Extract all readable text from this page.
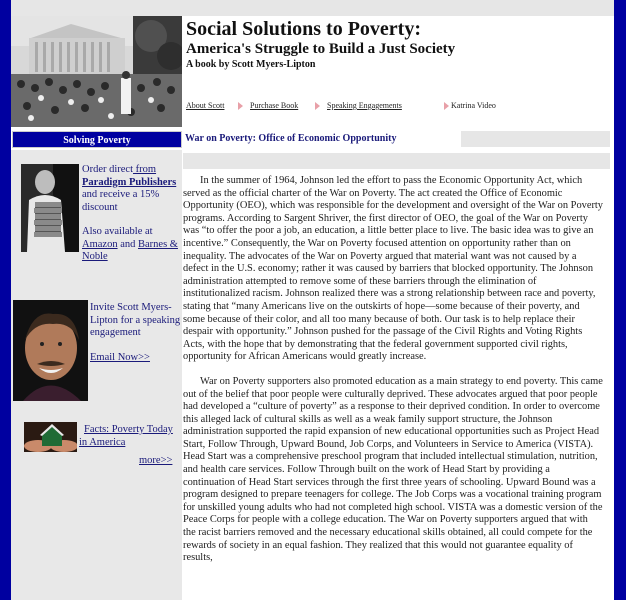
Social Solutions to Poverty:

America's Struggle to Build a Just Society

A book by Scott Myers-Lipton

About Scott	Purchase Book	Speaking Engagements	Katrina Video
Solving Poverty	War on Poverty: Office of Economic Opportunity
Order direct from
Paradigm Publishers
and receive a 15% discount
Also available at
Amazon and Barnes & Noble
Invite Scott Myers-Lipton for a speaking engagement
Email Now>>
Facts: Poverty Today in America
more>>

In the summer of 1964, Johnson led the effort to pass the Economic Opportunity Act, which served as the official charter of the War on Poverty. The act created the Office of Economic Opportunity (OEO), which was responsible for the development and oversight of the War on Poverty programs. According to Sargent Shriver, the first director of OEO, the goal of the War on Poverty was “to offer the poor a job, an education, a little better place to live. The basic idea was to give an incentive.” Consequently, the War on Poverty focused attention on opportunity rather than on inequality. The advocates of the War on Poverty argued that material want was not caused by a defect in the U.S. economy; rather it was caused by barriers that blocked opportunity. The Johnson administration attempted to remove some of these barriers through the elimination of institutionalized racism. Johnson realized there was a strong relationship between race and poverty, stating that “many Americans live on the outskirts of hope—some because of their poverty, and some because of their color, and all too many because of both. Our task is to help replace their despair with opportunity.” Johnson pushed for the passage of the Civil Rights and Voting Rights Acts, with the hope that by demonstrating that the federal government supported civil rights, opportunity for African Americans would greatly increase.

War on Poverty supporters also promoted education as a main strategy to end poverty. This came out of the belief that poor people were culturally deprived. These advocates argued that poor people had developed a “culture of poverty” as a response to their deprived condition. In order to overcome this alleged lack of cultural skills as well as a weak family support structure, the Johnson administration supported the rapid expansion of new educational opportunities such as Project Head Start, Follow Through, Upward Bound, Job Corps, and Volunteers in Service to America (VISTA). Head Start was a comprehensive preschool program that included intellectual stimulation, nutrition, and health care services. Follow Through built on the work of Head Start by providing a continuation of Head Start services through the first three years of schooling. Upward Bound was a program designed to prepare teenagers for college. The Job Corps was a vocational training program for unskilled young adults who had not completed high school. VISTA was a domestic version of the Peace Corps for people with a college education. The War on Poverty supporters argued that with the racist barriers removed and the necessary educational skills obtained, all could compete for the rewards of society in an equal fashion. They realized that this would not guarantee equality of results,
